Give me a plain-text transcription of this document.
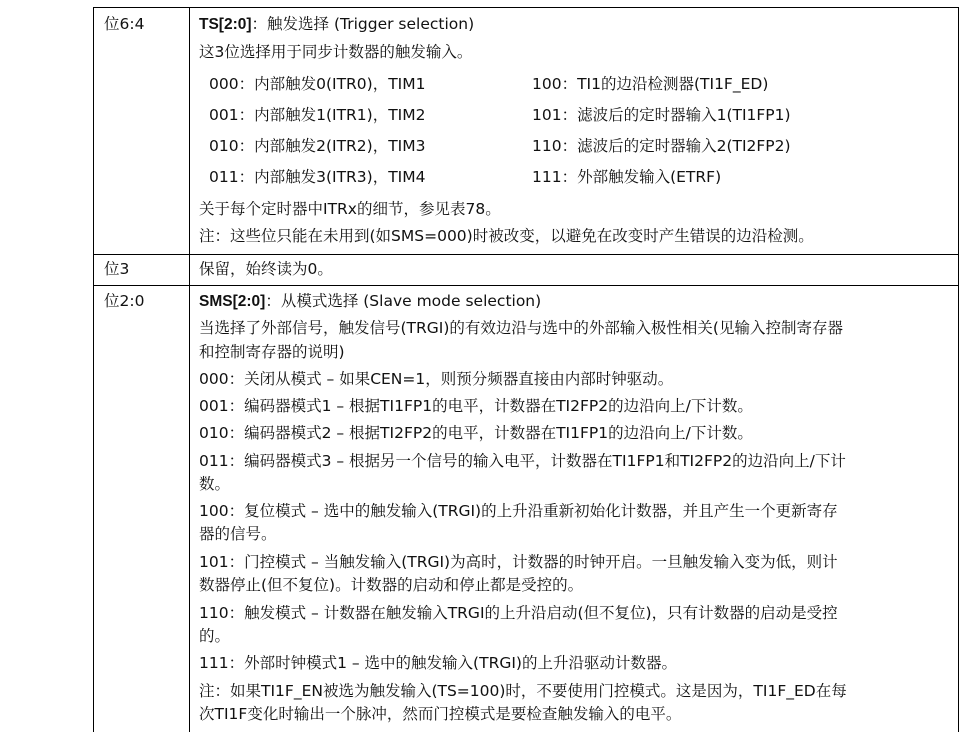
位6:4	TS[2:0]：触发选择 (Trigger selection)
这3位选择用于同步计数器的触发输入。
000：内部触发0(ITR0)，TIM1
001：内部触发1(ITR1)，TIM2
010：内部触发2(ITR2)，TIM3
011：内部触发3(ITR3)，TIM4
100：TI1的边沿检测器(TI1F_ED)
101：滤波后的定时器输入1(TI1FP1)
110：滤波后的定时器输入2(TI2FP2)
111：外部触发输入(ETRF)
关于每个定时器中ITRx的细节，参见表78。
注：这些位只能在未用到(如SMS=000)时被改变，以避免在改变时产生错误的边沿检测。
位3	保留，始终读为0。
位2:0	SMS[2:0]：从模式选择 (Slave mode selection)
当选择了外部信号，触发信号(TRGI)的有效边沿与选中的外部输入极性相关(见输入控制寄存器
和控制寄存器的说明)
000：关闭从模式 – 如果CEN=1，则预分频器直接由内部时钟驱动。
001：编码器模式1 – 根据TI1FP1的电平，计数器在TI2FP2的边沿向上/下计数。
010：编码器模式2 – 根据TI2FP2的电平，计数器在TI1FP1的边沿向上/下计数。
011：编码器模式3 – 根据另一个信号的输入电平，计数器在TI1FP1和TI2FP2的边沿向上/下计
数。
100：复位模式 – 选中的触发输入(TRGI)的上升沿重新初始化计数器，并且产生一个更新寄存
器的信号。
101：门控模式 – 当触发输入(TRGI)为高时，计数器的时钟开启。一旦触发输入变为低，则计
数器停止(但不复位)。计数器的启动和停止都是受控的。
110：触发模式 – 计数器在触发输入TRGI的上升沿启动(但不复位)，只有计数器的启动是受控
的。
111：外部时钟模式1 – 选中的触发输入(TRGI)的上升沿驱动计数器。
注：如果TI1F_EN被选为触发输入(TS=100)时，不要使用门控模式。这是因为，TI1F_ED在每
次TI1F变化时输出一个脉冲，然而门控模式是要检查触发输入的电平。
